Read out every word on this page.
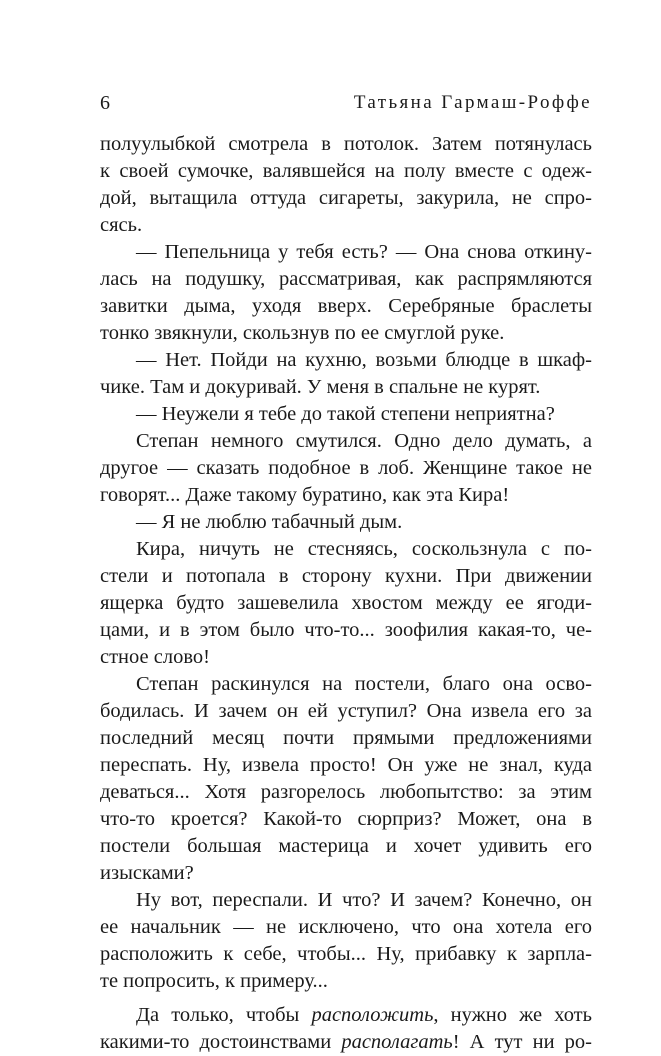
6	Татьяна Гармаш-Роффе
полуулыбкой смотрела в потолок. Затем потянулась
к своей сумочке, валявшейся на полу вместе с одеж-
дой, вытащила оттуда сигареты, закурила, не спро-
сясь.
— Пепельница у тебя есть? — Она снова откину-
лась на подушку, рассматривая, как распрямляются
завитки дыма, уходя вверх. Серебряные браслеты
тонко звякнули, скользнув по ее смуглой руке.
— Нет. Пойди на кухню, возьми блюдце в шкаф-
чике. Там и докуривай. У меня в спальне не курят.
— Неужели я тебе до такой степени неприятна?
Степан немного смутился. Одно дело думать, а
другое — сказать подобное в лоб. Женщине такое не
говорят... Даже такому буратино, как эта Кира!
— Я не люблю табачный дым.
Кира, ничуть не стесняясь, соскользнула с по-
стели и потопала в сторону кухни. При движении
ящерка будто зашевелила хвостом между ее ягоди-
цами, и в этом было что-то... зоофилия какая-то, че-
стное слово!
Степан раскинулся на постели, благо она осво-
бодилась. И зачем он ей уступил? Она извела его за
последний месяц почти прямыми предложениями
переспать. Ну, извела просто! Он уже не знал, куда
деваться... Хотя разгорелось любопытство: за этим
что-то кроется? Какой-то сюрприз? Может, она в
постели большая мастерица и хочет удивить его
изысками?
Ну вот, переспали. И что? И зачем? Конечно, он
ее начальник — не исключено, что она хотела его
расположить к себе, чтобы... Ну, прибавку к зарпла-
те попросить, к примеру...
Да только, чтобы расположить, нужно же хоть
какими-то достоинствами располагать! А тут ни ро-
